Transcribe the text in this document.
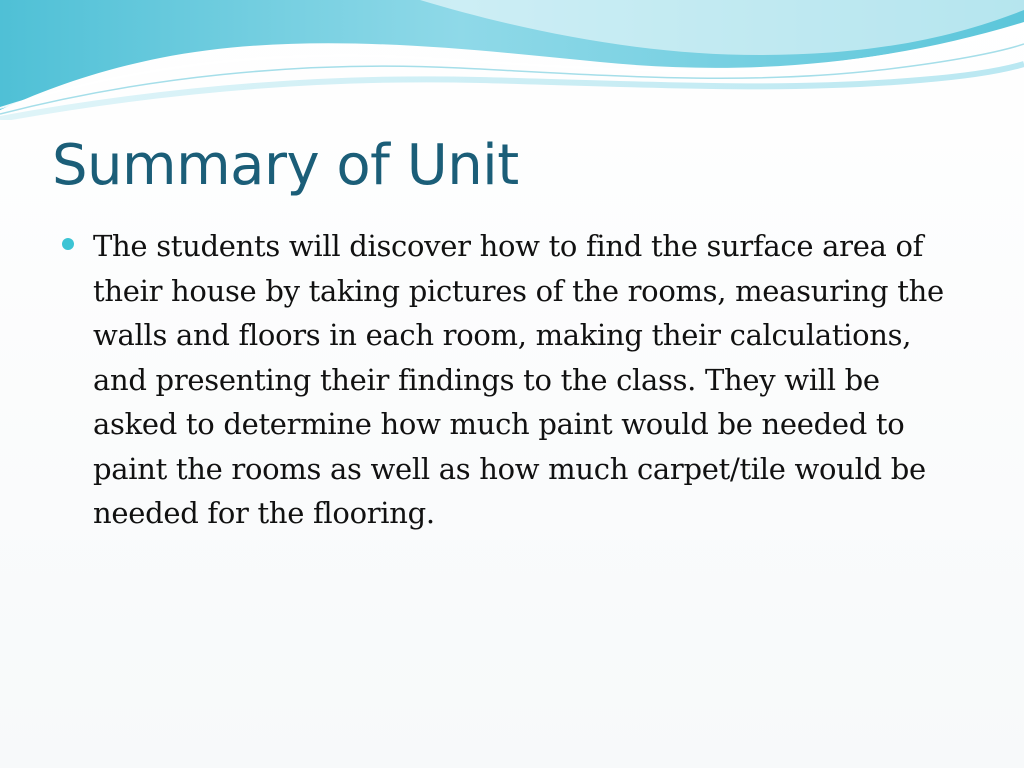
Summary of Unit

The students will discover how to find the surface area of their house by taking pictures of the rooms, measuring the walls and floors in each room, making their calculations, and presenting their findings to the class. They will be asked to determine how much paint would be needed to paint the rooms as well as how much carpet/tile would be needed for the flooring.
